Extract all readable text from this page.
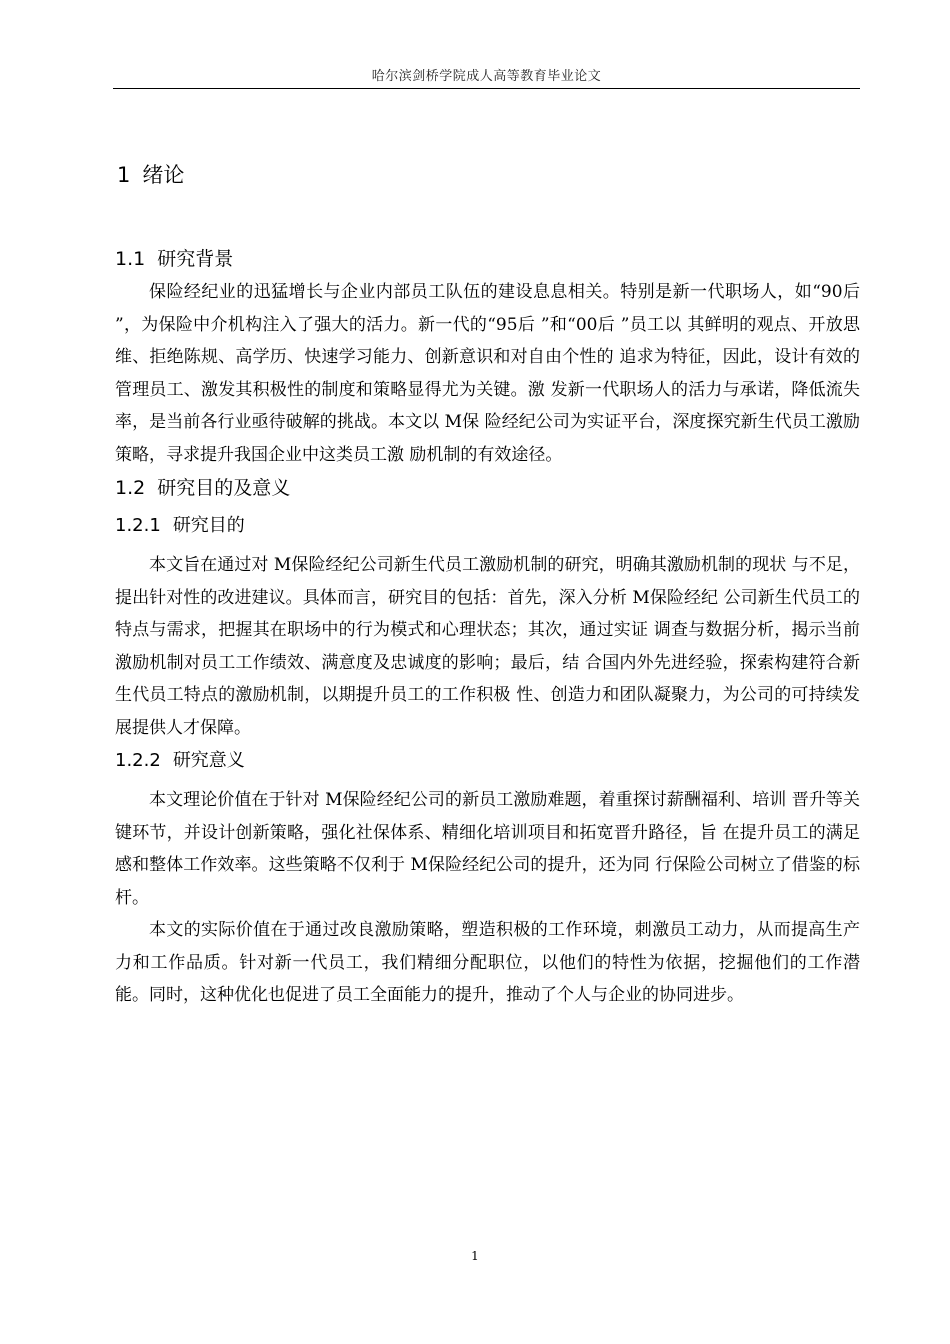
哈尔滨剑桥学院成人高等教育毕业论文
1 绪论
1.1 研究背景

保险经纪业的迅猛增长与企业内部员工队伍的建设息息相关。特别是新一代职场人，如“90后 ”，为保险中介机构注入了强大的活力。新一代的“95后 ”和“00后 ”员工以 其鲜明的观点、开放思维、拒绝陈规、高学历、快速学习能力、创新意识和对自由个性的 追求为特征，因此，设计有效的管理员工、激发其积极性的制度和策略显得尤为关键。激 发新一代职场人的活力与承诺，降低流失率，是当前各行业亟待破解的挑战。本文以 M保 险经纪公司为实证平台，深度探究新生代员工激励策略，寻求提升我国企业中这类员工激 励机制的有效途径。

1.2 研究目的及意义
1.2.1 研究目的

本文旨在通过对 M保险经纪公司新生代员工激励机制的研究，明确其激励机制的现状 与不足，提出针对性的改进建议。具体而言，研究目的包括：首先，深入分析 M保险经纪 公司新生代员工的特点与需求，把握其在职场中的行为模式和心理状态；其次，通过实证 调查与数据分析，揭示当前激励机制对员工工作绩效、满意度及忠诚度的影响；最后，结 合国内外先进经验，探索构建符合新生代员工特点的激励机制，以期提升员工的工作积极 性、创造力和团队凝聚力，为公司的可持续发展提供人才保障。

1.2.2 研究意义

本文理论价值在于针对 M保险经纪公司的新员工激励难题，着重探讨薪酬福利、培训 晋升等关键环节，并设计创新策略，强化社保体系、精细化培训项目和拓宽晋升路径，旨 在提升员工的满足感和整体工作效率。这些策略不仅利于 M保险经纪公司的提升，还为同 行保险公司树立了借鉴的标杆。

本文的实际价值在于通过改良激励策略，塑造积极的工作环境，刺激员工动力，从而提高生产力和工作品质。针对新一代员工，我们精细分配职位，以他们的特性为依据，挖掘他们的工作潜能。同时，这种优化也促进了员工全面能力的提升，推动了个人与企业的协同进步。

1
